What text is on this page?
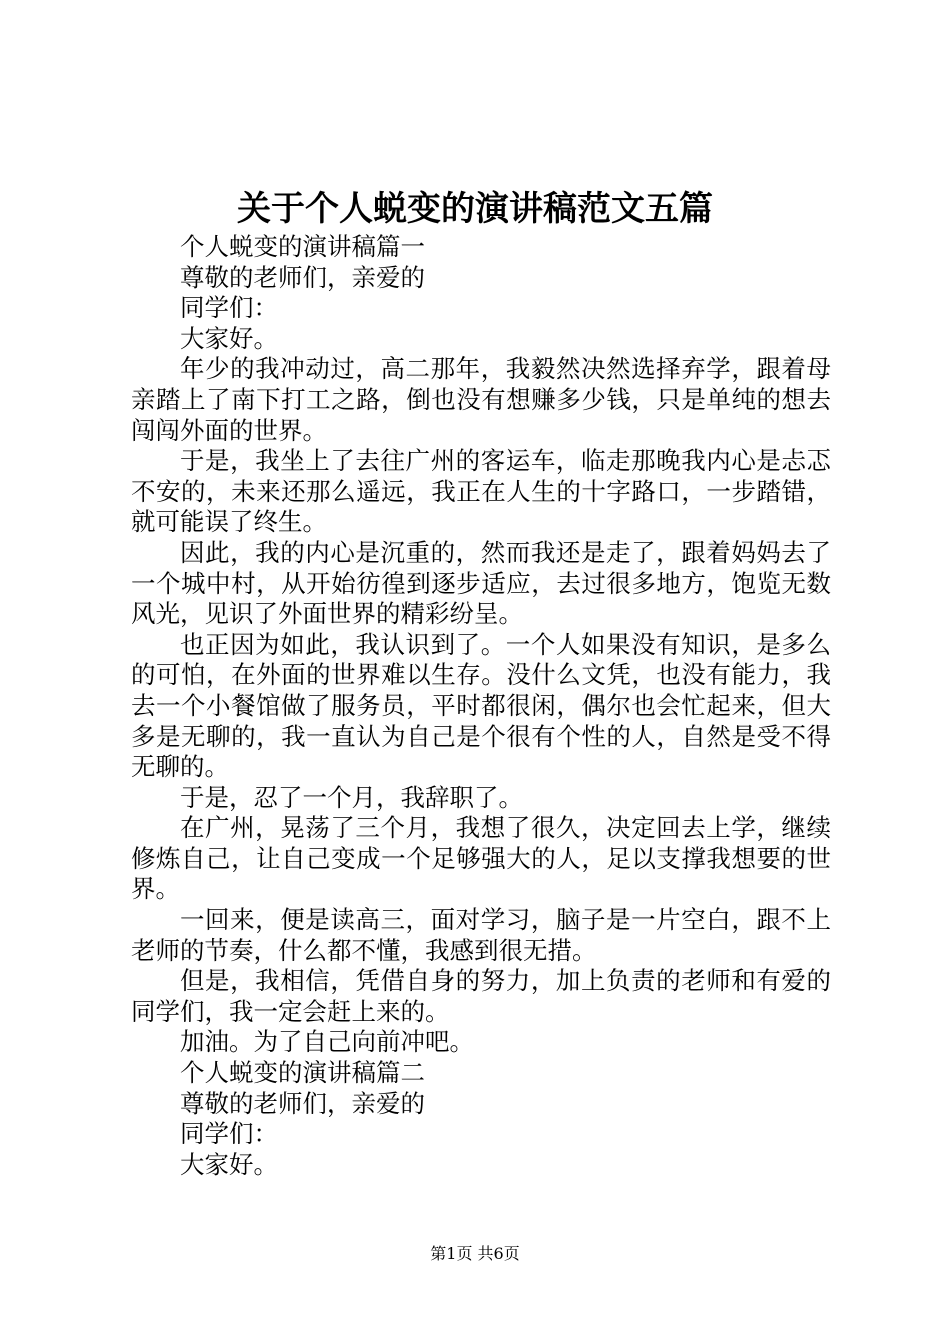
关于个人蜕变的演讲稿范文五篇

个人蜕变的演讲稿篇一

尊敬的老师们，亲爱的

同学们：

大家好。

年少的我冲动过，高二那年，我毅然决然选择弃学，跟着母亲踏上了南下打工之路，倒也没有想赚多少钱，只是单纯的想去闯闯外面的世界。

于是，我坐上了去往广州的客运车，临走那晚我内心是忐忑不安的，未来还那么遥远，我正在人生的十字路口，一步踏错，就可能误了终生。

因此，我的内心是沉重的，然而我还是走了，跟着妈妈去了一个城中村，从开始彷徨到逐步适应，去过很多地方，饱览无数风光，见识了外面世界的精彩纷呈。

也正因为如此，我认识到了。一个人如果没有知识，是多么的可怕，在外面的世界难以生存。没什么文凭，也没有能力，我去一个小餐馆做了服务员，平时都很闲，偶尔也会忙起来，但大多是无聊的，我一直认为自己是个很有个性的人，自然是受不得无聊的。

于是，忍了一个月，我辞职了。

在广州，晃荡了三个月，我想了很久，决定回去上学，继续修炼自己，让自己变成一个足够强大的人，足以支撑我想要的世界。

一回来，便是读高三，面对学习，脑子是一片空白，跟不上老师的节奏，什么都不懂，我感到很无措。

但是，我相信，凭借自身的努力，加上负责的老师和有爱的同学们，我一定会赶上来的。

加油。为了自己向前冲吧。

个人蜕变的演讲稿篇二

尊敬的老师们，亲爱的

同学们：

大家好。

第1页 共6页
